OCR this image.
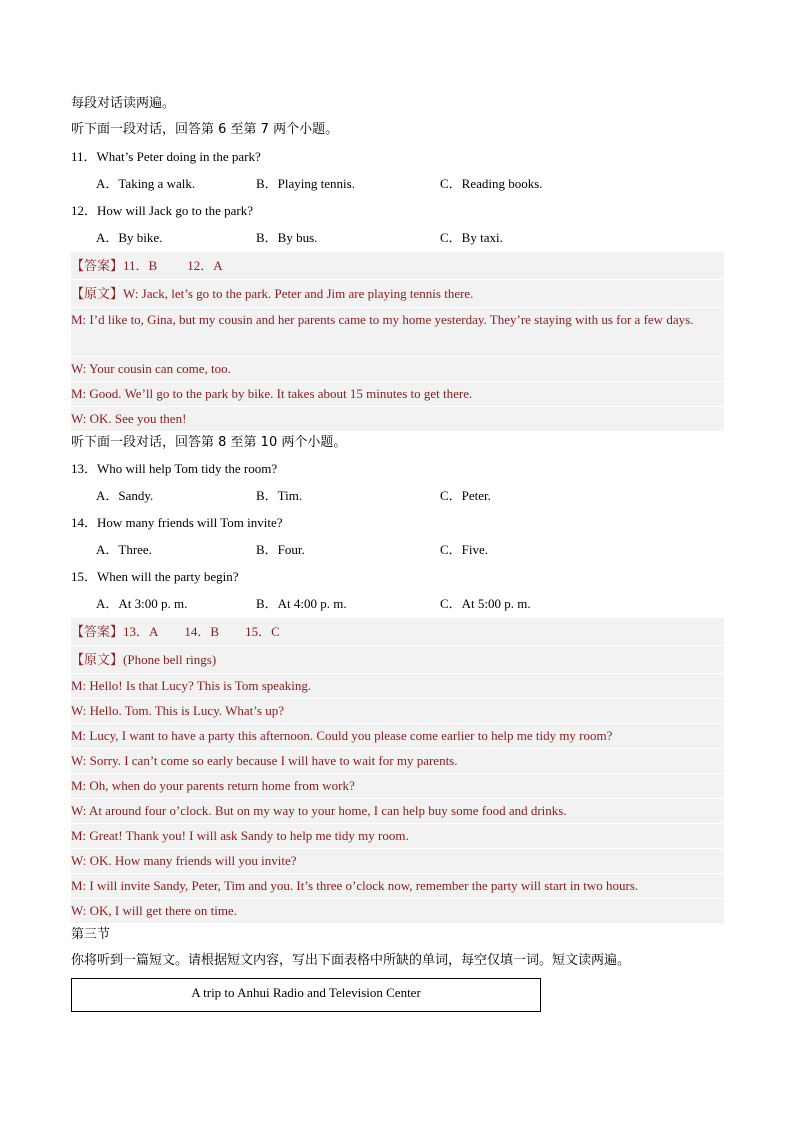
每段对话读两遍。
听下面一段对话，回答第 6 至第 7 两个小题。
11．What’s Peter doing in the park?
A．Taking a walk.	B．Playing tennis.	C．Reading books.
12．How will Jack go to the park?
A．By bike.	B．By bus.	C．By taxi.
【答案】11．B 12．A
【原文】W: Jack, let’s go to the park. Peter and Jim are playing tennis there.
M: I’d like to, Gina, but my cousin and her parents came to my home yesterday. They’re staying with us for a few days.
W: Your cousin can come, too.
M: Good. We’ll go to the park by bike. It takes about 15 minutes to get there.
W: OK. See you then!
听下面一段对话，回答第 8 至第 10 两个小题。
13．Who will help Tom tidy the room?
A．Sandy.	B．Tim.	C．Peter.
14．How many friends will Tom invite?
A．Three.	B．Four.	C．Five.
15．When will the party begin?
A．At 3:00 p. m.	B．At 4:00 p. m.	C．At 5:00 p. m.
【答案】13．A 14．B 15．C
【原文】(Phone bell rings)
M: Hello! Is that Lucy? This is Tom speaking.
W: Hello. Tom. This is Lucy. What’s up?
M: Lucy, I want to have a party this afternoon. Could you please come earlier to help me tidy my room?
W: Sorry. I can’t come so early because I will have to wait for my parents.
M: Oh, when do your parents return home from work?
W: At around four o’clock. But on my way to your home, I can help buy some food and drinks.
M: Great! Thank you! I will ask Sandy to help me tidy my room.
W: OK. How many friends will you invite?
M: I will invite Sandy, Peter, Tim and you. It’s three o’clock now, remember the party will start in two hours.
W: OK, I will get there on time.
第三节
你将听到一篇短文。请根据短文内容，写出下面表格中所缺的单词，每空仅填一词。短文读两遍。
A trip to Anhui Radio and Television Center
